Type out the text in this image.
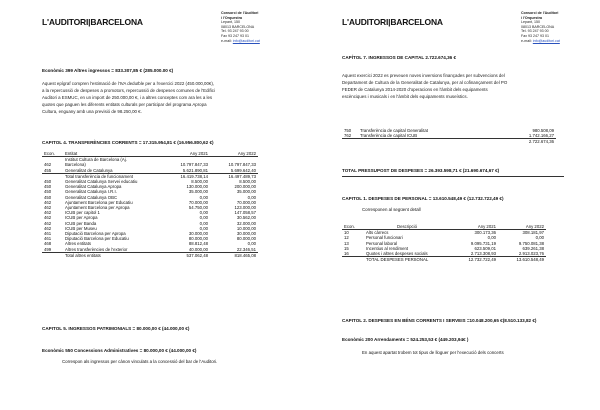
L'AUDITORI|BARCELONA
Consorci de l'Auditori
i l'Orquestra
Lepant, 150
08013 BARCELONA
Tel. 93 247 93 00
Fax 93 247 93 01
e-mail: info@auditori.cat
Econòmic 399 Altres ingressos = 833.307,85 € (285.000.00 €)
Aquest epígraf compren l'estimació de l'IVA deduïble per a l'exercici 2022 (450.000,00€),
a la repercussió de despeses a promotors, repercussió de despeses comunes de l'Edifici
Auditori a ESMUC, en un import de 250.000,00 €, i a altres conceptes com ara les a les
quotes que paguen les diferents entitats culturals per participar del programa Apropa
Cultura, enguany amb una previsió de 98.250,00 €.
CAPITOL 4. TRANSFERÈNCIES CORRENTS = 17.315.954,81 € (16.956.800,62 €)
Econ.	Entitat	Any 2021	Any 2022
	Institut Cultura de Barcelona (Aj.		
462	Barcelona)	10.797.847,33	10.797.847,33
455	Generalitat de Catalunya	5.621.890,81	5.699.642,40
	Total transferència de funcionament	16.419.738,14	16.497.489,73

450	Generalitat Catalunya Servei educatiu	8.500,00	8.500,00
450	Generalitat Catalunya Apropa	130.000,00	200.000,00
450	Generalitat Catalunya I.R.I.	35.000,00	35.000,00
450	Generalitat Catalunya OBC	0,00	0,00

462	Ajuntament Barcelona per Educatiu	70.000,00	70.000,00
462	Ajuntament Barcelona per Apropa	54.750,00	123.000,00
462	ICUB per capitol 1	0,00	147.058,57
462	ICUB per Apropa	0,00	30.562,00
462	ICUB per Banda	0,00	32.000,00
462	ICUB per Museu	0,00	10.000,00
461	Diputació Barcelona per Apropa	30.000,00	30.000,00
461	Diputació Barcelona per Educatiu	80.000,00	80.000,00
468	Altres entitats	88.812,48	0,00
499	Altres transferències de l'exterior	40.000,00	22.346,51
	Total altres entitats	537.062,48	818.465,08
CAPITOL 5. INGRESSOS PATRIMONIALS = 80.000,00 € (44.000,00 €)
Econòmic 550 Concessions Administratives = 80.000,00 € (44.000,00 €)
Correspon als ingressos per cànon vinculats a la concessió del bar de l'Auditori.
L'AUDITORI|BARCELONA
Consorci de l'Auditori
i l'Orquestra
Lepant, 150
08013 BARCELONA
Tel. 93 247 93 00
Fax 93 247 93 01
e-mail: info@auditori.cat
CAPÍTOL 7. INGRESSOS DE CAPITAL 2.722.674,36 €
Aquest exercici 2022 es preveuen noves inversions finançades per subvencions del
Departament de Cultura de la Generalitat de Catalunya, per al cofinançament del PO
FEDER de Catalunya 2014-2020 d'operacions en l'àmbit dels equipaments
escènciques i musicals i en l'àmbit dels equipaments museístics.
750	Transferència de capital Generalitat	980.508,09
762	Transferència de capital ICUB	1.742.166,27
		2.722.674,36
TOTAL PRESSUPOST DE DESPESES = 26.393.598,71 € (21.690.674,67 €)
CAPITOL 1. DESPESES DE PERSONAL = 13.610.548,49 € (12.732.722,49 €)
Corresponen al següent detall
Econ.	Descripció	Any 2021	Any 2022
10	Alts càrrecs	300.173,36	308.181,97
12	Personal funcionari	0,00	0,00
13	Personal laboral	9.095.731,19	9.750.081,38
15	Incentius al rendiment	623.509,01	639.261,38
16	Quotes i altres despeses socials	2.713.308,93	2.913.023,76
	TOTAL DESPESES PERSONAL	12.732.722,49	13.610.548,49
CAPITOL 2. DESPESES EN BÉNS CORRENTS I SERVEIS =10.048.200,65 €(8.510.133,82 €)
Econòmic 200 Arrendaments = 524.253,53 € (449.203,94€ )
En aquest apartat trobem tot tipus de lloguer per l'execució dels concerts
